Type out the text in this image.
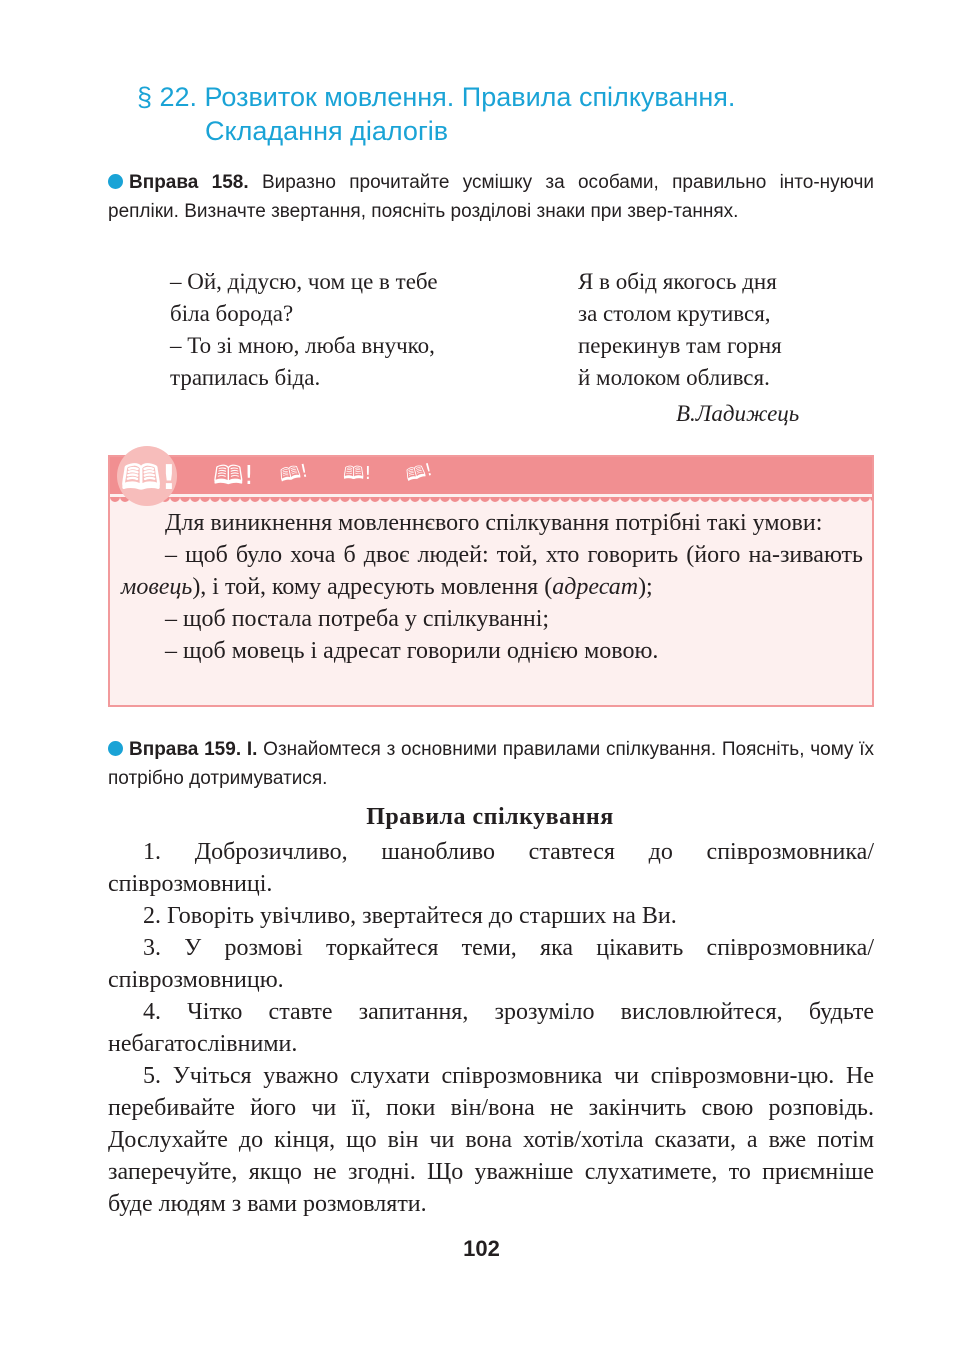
§ 22. Розвиток мовлення. Правила спілкування.
Складання діалогів
Вправа 158. Виразно прочитайте усмішку за особами, правильно інто-нуючи репліки. Визначте звертання, поясніть розділові знаки при звер-таннях.
– Ой, дідусю, чом це в тебе
біла борода?
– То зі мною, люба внучко,
трапилась біда.
Я в обід якогось дня
за столом крутився,
перекинув там горня
й молоком облився.
В.Ладижець
🕮! 🕮! 🕮! 🕮!
🕮!
Для виникнення мовленнєвого спілкування потрібні такі умови:
– щоб було хоча б двоє людей: той, хто говорить (його на-зивають мовець), і той, кому адресують мовлення (адресат);
– щоб постала потреба у спілкуванні;
– щоб мовець і адресат говорили однією мовою.
Вправа 159. І. Ознайомтеся з основними правилами спілкування. Поясніть, чому їх потрібно дотримуватися.
Правила спілкування

1. Доброзичливо, шанобливо ставтеся до співрозмовника/ співрозмовниці.

2. Говоріть увічливо, звертайтеся до старших на Ви.

3. У розмові торкайтеся теми, яка цікавить співрозмовника/ співрозмовницю.

4. Чітко ставте запитання, зрозуміло висловлюйтеся, будьте небагатослівними.

5. Учіться уважно слухати співрозмовника чи співрозмовни-цю. Не перебивайте його чи її, поки він/вона не закінчить свою розповідь. Дослухайте до кінця, що він чи вона хотів/хотіла сказати, а вже потім заперечуйте, якщо не згодні. Що уважніше слухатимете, то приємніше буде людям з вами розмовляти.

102
